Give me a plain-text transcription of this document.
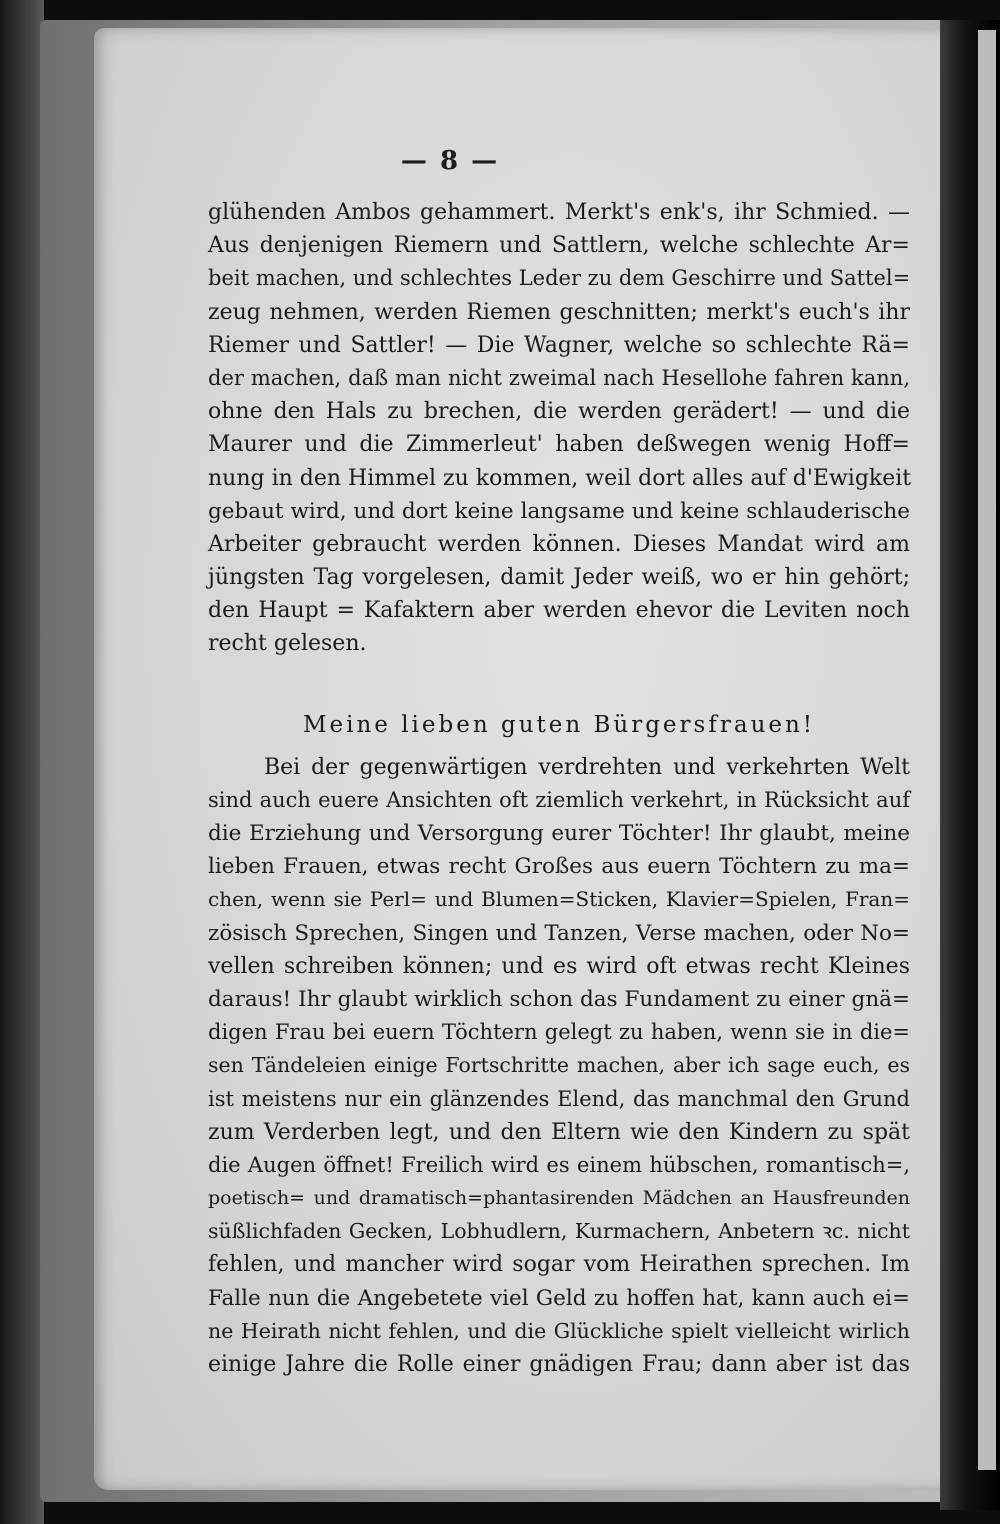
— 8 —
glühenden Ambos gehammert. Merkt's enk's, ihr Schmied. —
Aus denjenigen Riemern und Sattlern, welche schlechte Ar=
beit machen, und schlechtes Leder zu dem Geschirre und Sattel=
zeug nehmen, werden Riemen geschnitten; merkt's euch's ihr
Riemer und Sattler! — Die Wagner, welche so schlechte Rä=
der machen, daß man nicht zweimal nach Hesellohe fahren kann,
ohne den Hals zu brechen, die werden gerädert! — und die
Maurer und die Zimmerleut' haben deßwegen wenig Hoff=
nung in den Himmel zu kommen, weil dort alles auf d'Ewigkeit
gebaut wird, und dort keine langsame und keine schlauderische
Arbeiter gebraucht werden können. Dieses Mandat wird am
jüngsten Tag vorgelesen, damit Jeder weiß, wo er hin gehört;
den Haupt = Kafaktern aber werden ehevor die Leviten noch
recht gelesen.
Meine lieben guten Bürgersfrauen!
Bei der gegenwärtigen verdrehten und verkehrten Welt
sind auch euere Ansichten oft ziemlich verkehrt, in Rücksicht auf
die Erziehung und Versorgung eurer Töchter! Ihr glaubt, meine
lieben Frauen, etwas recht Großes aus euern Töchtern zu ma=
chen, wenn sie Perl= und Blumen=Sticken, Klavier=Spielen, Fran=
zösisch Sprechen, Singen und Tanzen, Verse machen, oder No=
vellen schreiben können; und es wird oft etwas recht Kleines
daraus! Ihr glaubt wirklich schon das Fundament zu einer gnä=
digen Frau bei euern Töchtern gelegt zu haben, wenn sie in die=
sen Tändeleien einige Fortschritte machen, aber ich sage euch, es
ist meistens nur ein glänzendes Elend, das manchmal den Grund
zum Verderben legt, und den Eltern wie den Kindern zu spät
die Augen öffnet! Freilich wird es einem hübschen, romantisch=,
poetisch= und dramatisch=phantasirenden Mädchen an Hausfreunden
süßlichfaden Gecken, Lobhudlern, Kurmachern, Anbetern ꝛc. nicht
fehlen, und mancher wird sogar vom Heirathen sprechen. Im
Falle nun die Angebetete viel Geld zu hoffen hat, kann auch ei=
ne Heirath nicht fehlen, und die Glückliche spielt vielleicht wirlich
einige Jahre die Rolle einer gnädigen Frau; dann aber ist das
